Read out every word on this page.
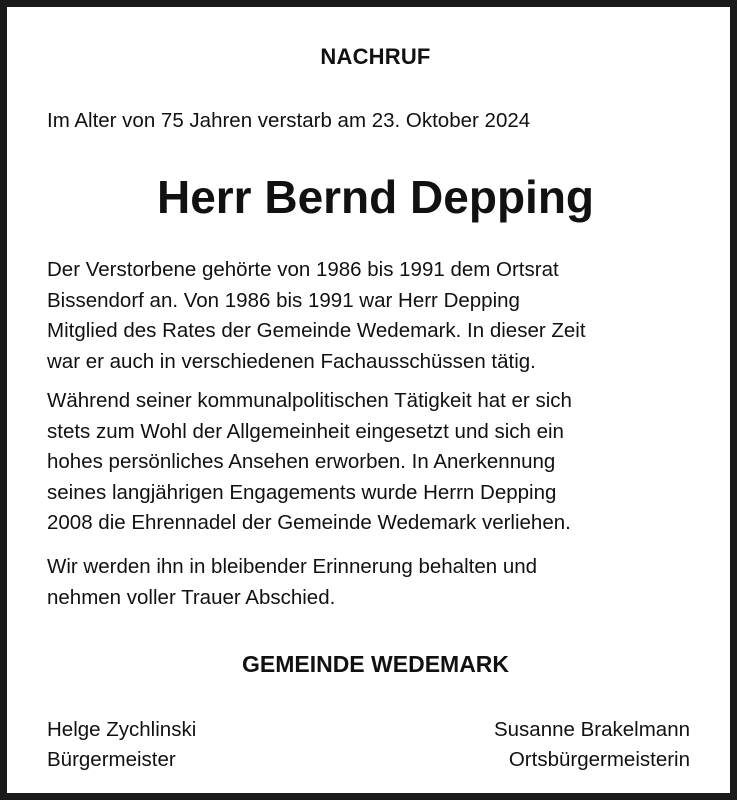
NACHRUF
Im Alter von 75 Jahren verstarb am 23. Oktober 2024
Herr Bernd Depping

Der Verstorbene gehörte von 1986 bis 1991 dem Ortsrat
Bissendorf an. Von 1986 bis 1991 war Herr Depping
Mitglied des Rates der Gemeinde Wedemark. In dieser Zeit
war er auch in verschiedenen Fachausschüssen tätig.

Während seiner kommunalpolitischen Tätigkeit hat er sich
stets zum Wohl der Allgemeinheit eingesetzt und sich ein
hohes persönliches Ansehen erworben. In Anerkennung
seines langjährigen Engagements wurde Herrn Depping
2008 die Ehrennadel der Gemeinde Wedemark verliehen.

Wir werden ihn in bleibender Erinnerung behalten und
nehmen voller Trauer Abschied.

GEMEINDE WEDEMARK
Helge Zychlinski
Bürgermeister
Susanne Brakelmann
Ortsbürgermeisterin
